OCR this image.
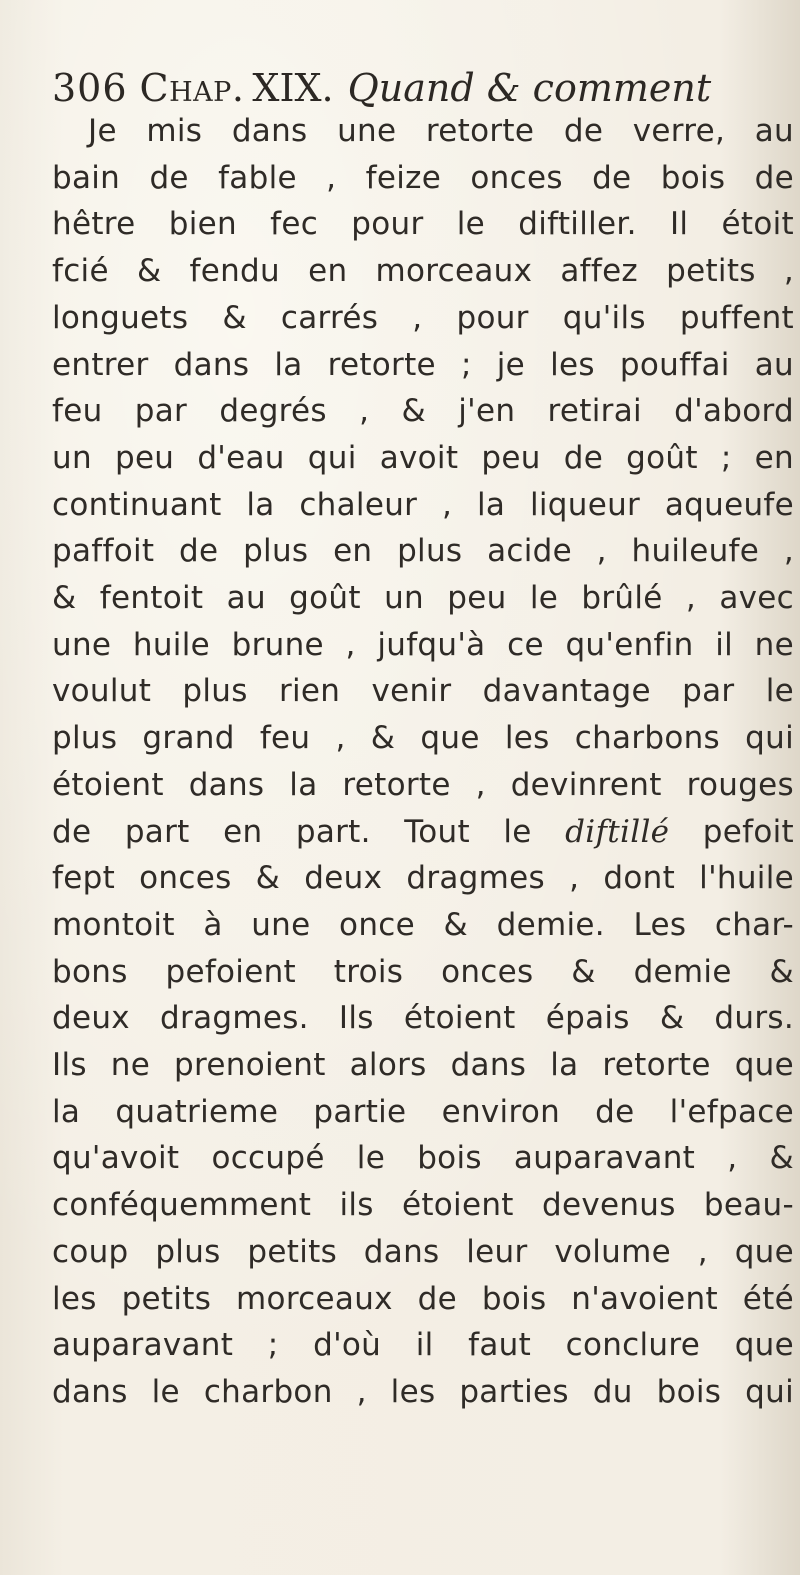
306 Chap. XIX. Quand & comment
Je mis dans une retorte de verre, au
bain de fable , feize onces de bois de
hêtre bien fec pour le diftiller. Il étoit
fcié & fendu en morceaux affez petits ,
longuets & carrés , pour qu'ils puffent
entrer dans la retorte ; je les pouffai au
feu par degrés , & j'en retirai d'abord
un peu d'eau qui avoit peu de goût ; en
continuant la chaleur , la liqueur aqueufe
paffoit de plus en plus acide , huileufe ,
& fentoit au goût un peu le brûlé , avec
une huile brune , jufqu'à ce qu'enfin il ne
voulut plus rien venir davantage par le
plus grand feu , & que les charbons qui
étoient dans la retorte , devinrent rouges
de part en part. Tout le diftillé pefoit
fept onces & deux dragmes , dont l'huile
montoit à une once & demie. Les char-
bons pefoient trois onces & demie &
deux dragmes. Ils étoient épais & durs.
Ils ne prenoient alors dans la retorte que
la quatrieme partie environ de l'efpace
qu'avoit occupé le bois auparavant , &
conféquemment ils étoient devenus beau-
coup plus petits dans leur volume , que
les petits morceaux de bois n'avoient été
auparavant ; d'où il faut conclure que
dans le charbon , les parties du bois qui
